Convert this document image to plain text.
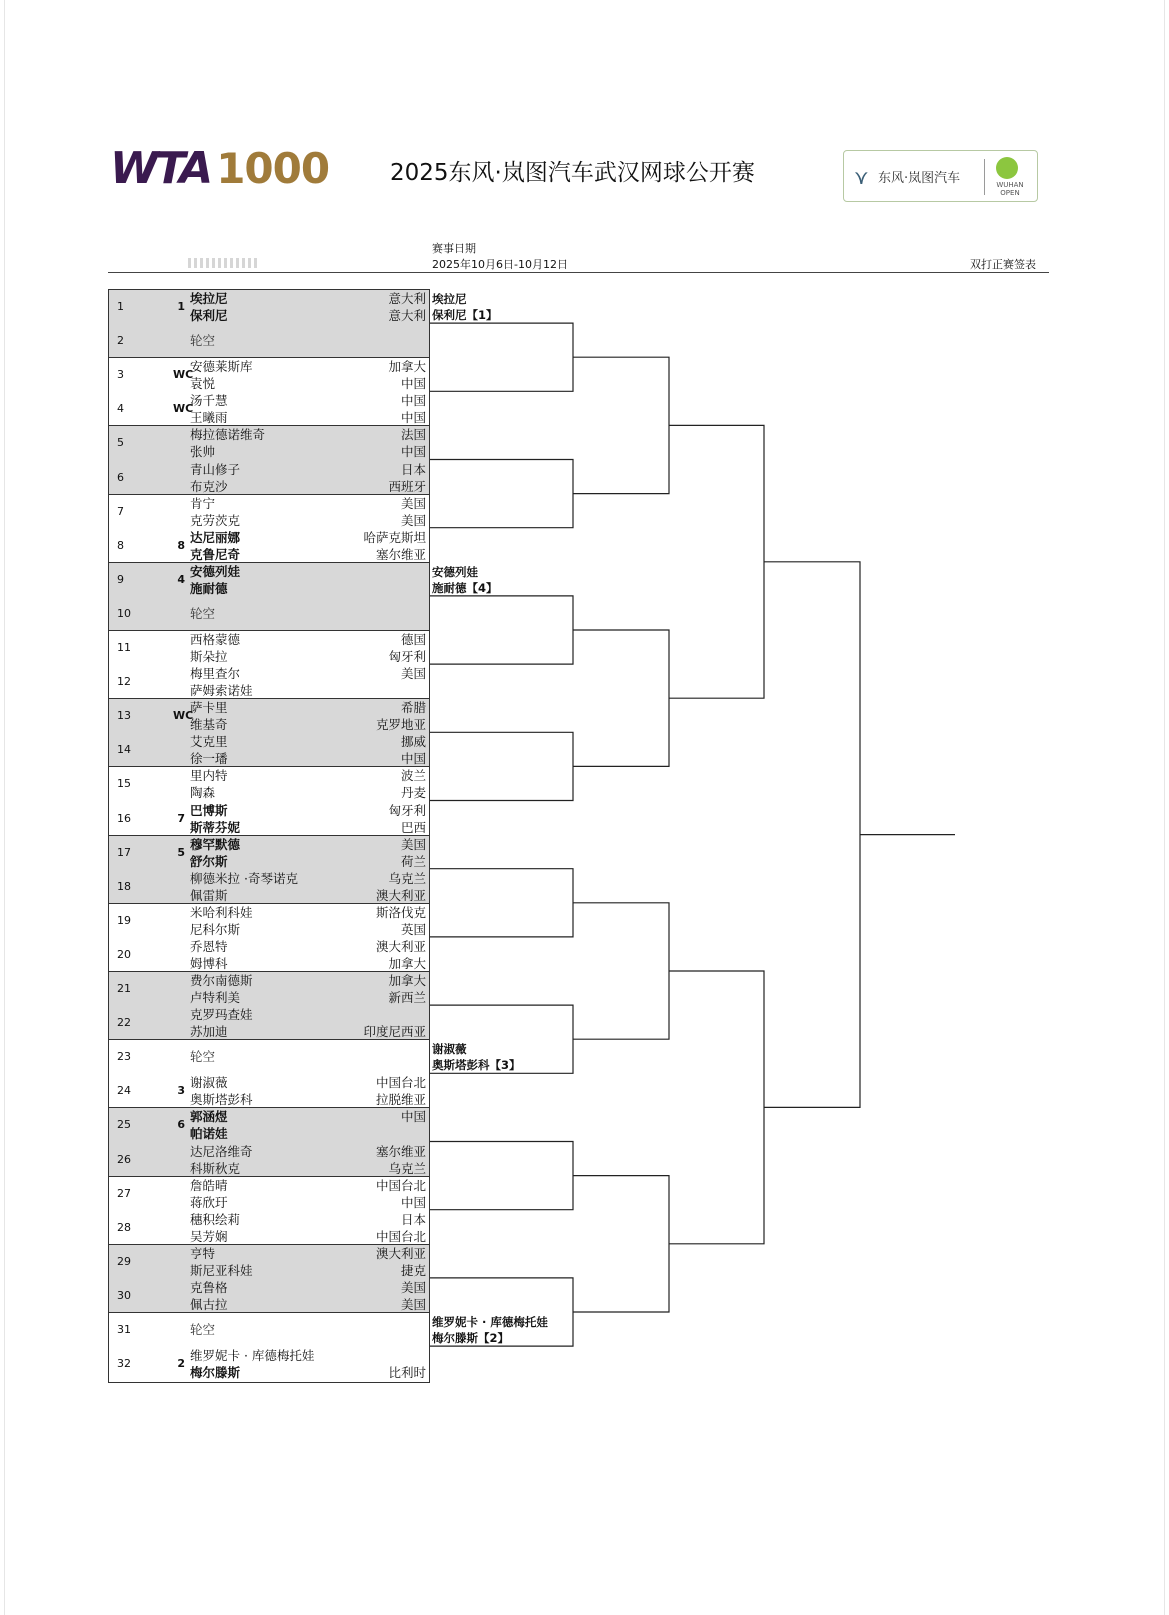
WTA 1000	2025东风·岚图汽车武汉网球公开赛	⋎ 东风·岚图汽车	WUHAN OPEN
赛事日期
2025年10月6日-10月12日	双打正赛签表
1	1
埃拉尼	意大利
保利尼	意大利
2	轮空
3	WC
安德莱斯库	加拿大
袁悦	中国
4	WC
汤千慧	中国
王曦雨	中国
5
梅拉德诺维奇	法国
张帅	中国
6
青山修子	日本
布克沙	西班牙
7
肯宁	美国
克劳茨克	美国
8	8
达尼丽娜	哈萨克斯坦
克鲁尼奇	塞尔维亚
9	4
安德列娃
施耐德
10	轮空
11
西格蒙德	德国
斯朵拉	匈牙利
12
梅里查尔	美国
萨姆索诺娃
13	WC
萨卡里	希腊
维基奇	克罗地亚
14
艾克里	挪威
徐一璠	中国
15
里内特	波兰
陶森	丹麦
16	7
巴博斯	匈牙利
斯蒂芬妮	巴西
17	5
穆罕默德	美国
舒尔斯	荷兰
18
柳德米拉 ·奇琴诺克	乌克兰
佩雷斯	澳大利亚
19
米哈利科娃	斯洛伐克
尼科尔斯	英国
20
乔恩特	澳大利亚
姆博科	加拿大
21
费尔南德斯	加拿大
卢特利美	新西兰
22
克罗玛查娃
苏加迪	印度尼西亚
23	轮空
24	3
谢淑薇	中国台北
奥斯塔彭科	拉脱维亚
25	6
郭涵煜	中国
帕诺娃
26
达尼洛维奇	塞尔维亚
科斯秋克	乌克兰
27
詹皓晴	中国台北
蒋欣玗	中国
28
穗积绘莉	日本
吴芳娴	中国台北
29
亨特	澳大利亚
斯尼亚科娃	捷克
30
克鲁格	美国
佩古拉	美国
31	轮空
32	2
维罗妮卡 · 库德梅托娃
梅尔滕斯	比利时
埃拉尼
保利尼【1】
安德列娃
施耐德【4】
谢淑薇
奥斯塔彭科【3】
维罗妮卡 · 库德梅托娃
梅尔滕斯【2】
